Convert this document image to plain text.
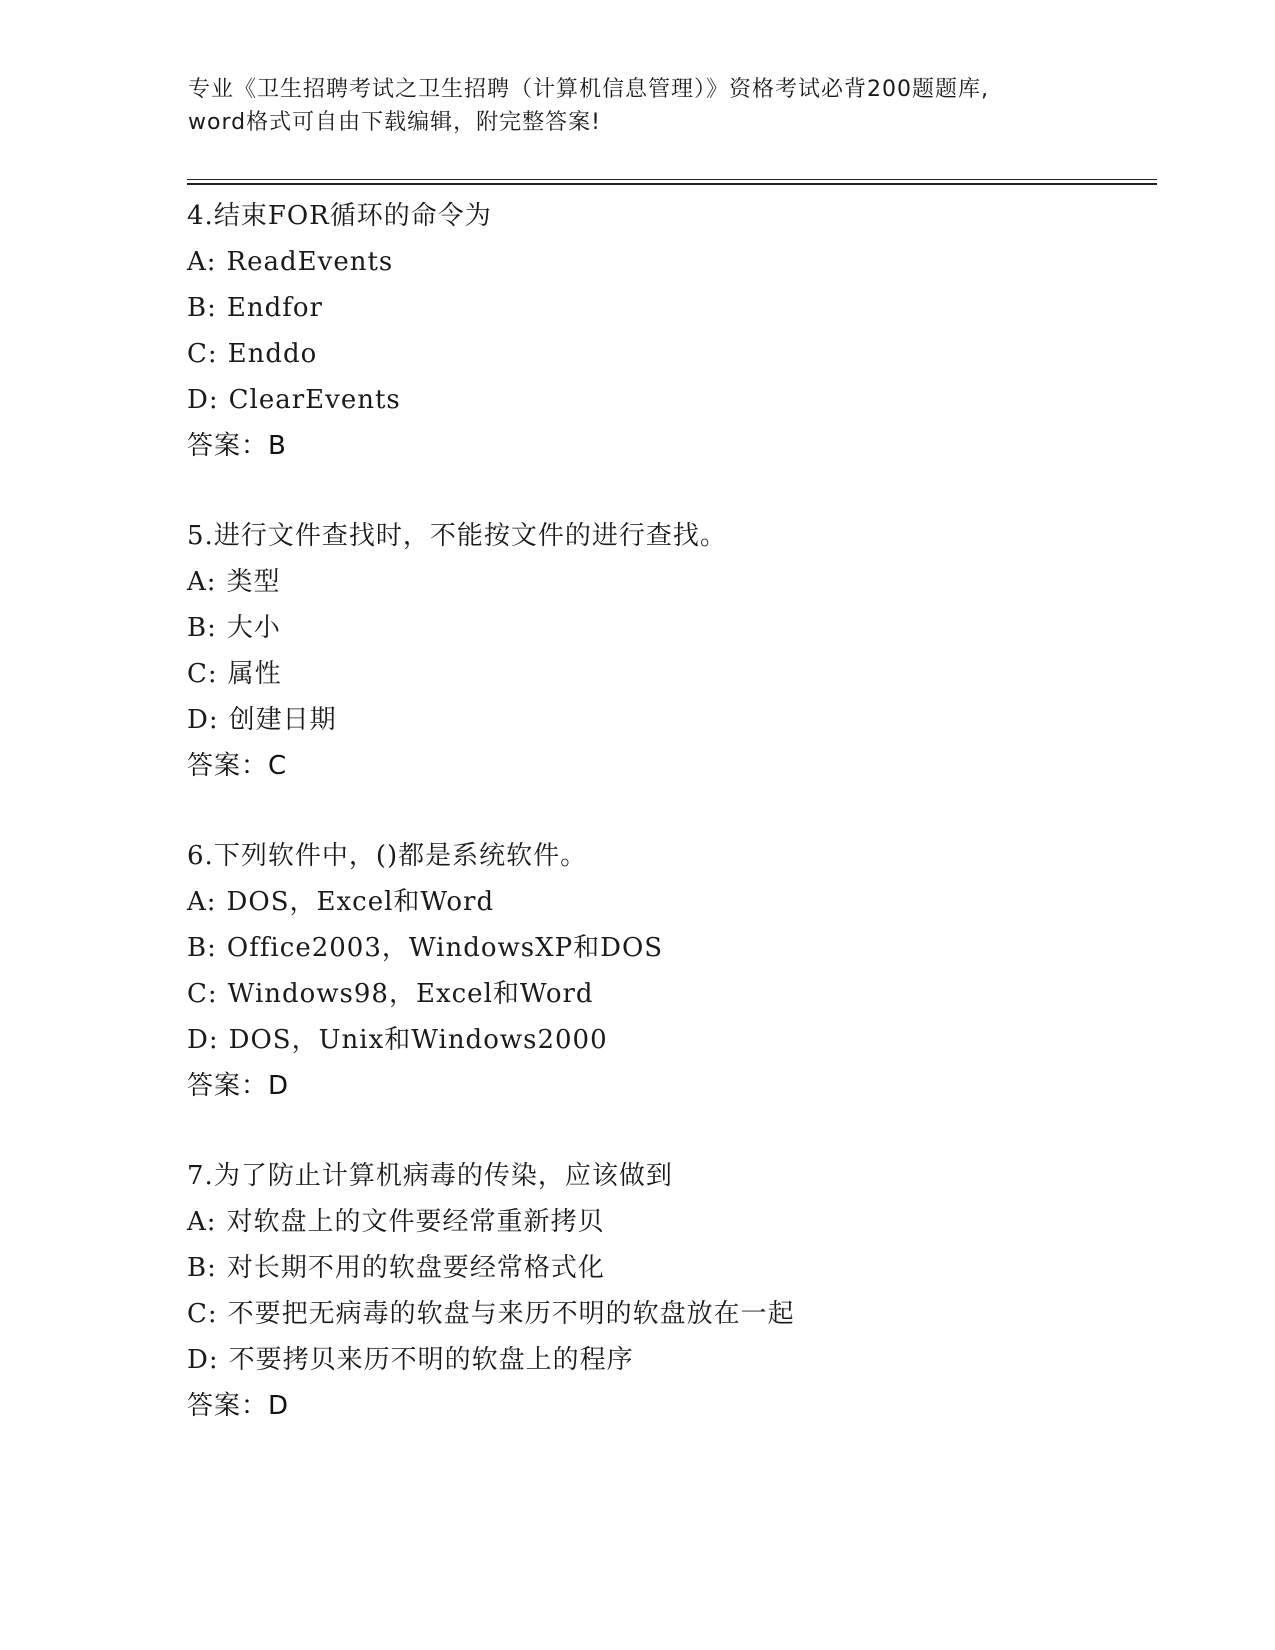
专业《卫生招聘考试之卫生招聘（计算机信息管理）》资格考试必背200题题库,
word格式可自由下载编辑，附完整答案!
4.结束FOR循环的命令为
A: ReadEvents
B: Endfor
C: Enddo
D: ClearEvents
答案：B
5.进行文件查找时，不能按文件的进行查找。
A: 类型
B: 大小
C: 属性
D: 创建日期
答案：C
6.下列软件中，()都是系统软件。
A: DOS，Excel和Word
B: Office2003，WindowsXP和DOS
C: Windows98，Excel和Word
D: DOS，Unix和Windows2000
答案：D
7.为了防止计算机病毒的传染，应该做到
A: 对软盘上的文件要经常重新拷贝
B: 对长期不用的软盘要经常格式化
C: 不要把无病毒的软盘与来历不明的软盘放在一起
D: 不要拷贝来历不明的软盘上的程序
答案：D
